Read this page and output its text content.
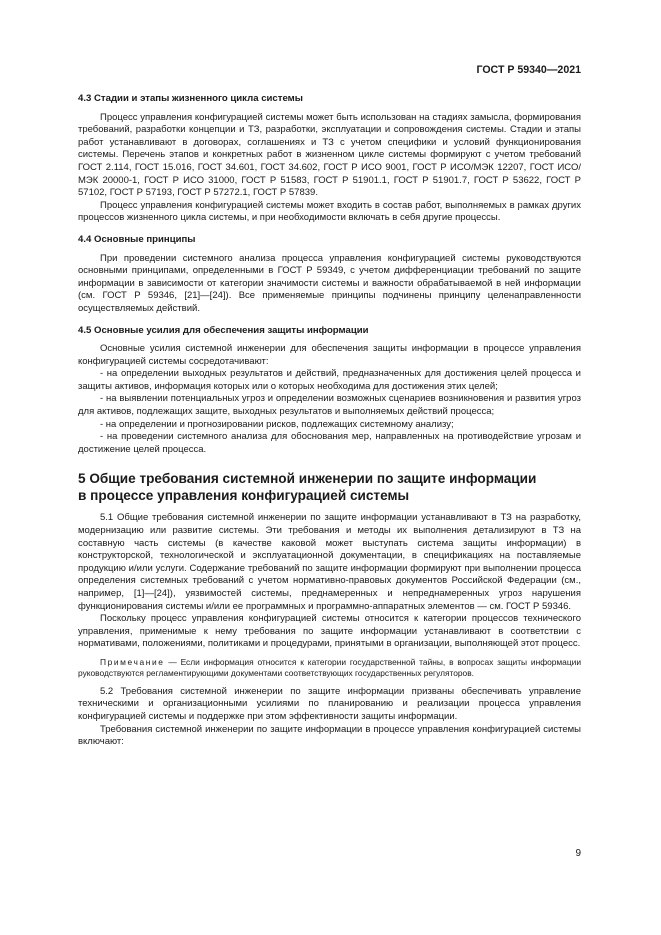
ГОСТ Р 59340—2021
4.3 Стадии и этапы жизненного цикла системы

Процесс управления конфигурацией системы может быть использован на стадиях замысла, формирования требований, разработки концепции и ТЗ, разработки, эксплуатации и сопровождения системы. Стадии и этапы работ устанавливают в договорах, соглашениях и ТЗ с учетом специфики и условий функционирования системы. Перечень этапов и конкретных работ в жизненном цикле системы формируют с учетом требований ГОСТ 2.114, ГОСТ 15.016, ГОСТ 34.601, ГОСТ 34.602, ГОСТ Р ИСО 9001, ГОСТ Р ИСО/МЭК 12207, ГОСТ ИСО/МЭК 20000-1, ГОСТ Р ИСО 31000, ГОСТ Р 51583, ГОСТ Р 51901.1, ГОСТ Р 51901.7, ГОСТ Р 53622, ГОСТ Р 57102, ГОСТ Р 57193, ГОСТ Р 57272.1, ГОСТ Р 57839.

Процесс управления конфигурацией системы может входить в состав работ, выполняемых в рамках других процессов жизненного цикла системы, и при необходимости включать в себя другие процессы.

4.4 Основные принципы

При проведении системного анализа процесса управления конфигурацией системы руководствуются основными принципами, определенными в ГОСТ Р 59349, с учетом дифференциации требований по защите информации в зависимости от категории значимости системы и важности обрабатываемой в ней информации (см. ГОСТ Р 59346, [21]—[24]). Все применяемые принципы подчинены принципу целенаправленности осуществляемых действий.

4.5 Основные усилия для обеспечения защиты информации

Основные усилия системной инженерии для обеспечения защиты информации в процессе управления конфигурацией системы сосредотачивают:

- на определении выходных результатов и действий, предназначенных для достижения целей процесса и защиты активов, информация которых или о которых необходима для достижения этих целей;

- на выявлении потенциальных угроз и определении возможных сценариев возникновения и развития угроз для активов, подлежащих защите, выходных результатов и выполняемых действий процесса;

- на определении и прогнозировании рисков, подлежащих системному анализу;

- на проведении системного анализа для обоснования мер, направленных на противодействие угрозам и достижение целей процесса.

5 Общие требования системной инженерии по защите информации
в процессе управления конфигурацией системы

5.1 Общие требования системной инженерии по защите информации устанавливают в ТЗ на разработку, модернизацию или развитие системы. Эти требования и методы их выполнения детализируют в ТЗ на составную часть системы (в качестве каковой может выступать система защиты информации) в конструкторской, технологической и эксплуатационной документации, в спецификациях на поставляемые продукцию и/или услуги. Содержание требований по защите информации формируют при выполнении процесса определения системных требований с учетом нормативно-правовых документов Российской Федерации (см., например, [1]—[24]), уязвимостей системы, преднамеренных и непреднамеренных угроз нарушения функционирования системы и/или ее программных и программно-аппаратных элементов — см. ГОСТ Р 59346.

Поскольку процесс управления конфигурацией системы относится к категории процессов технического управления, применимые к нему требования по защите информации устанавливают в соответствии с нормативами, положениями, политиками и процедурами, принятыми в организации, выполняющей этот процесс.

Примечание — Если информация относится к категории государственной тайны, в вопросах защиты информации руководствуются регламентирующими документами соответствующих государственных регуляторов.

5.2 Требования системной инженерии по защите информации призваны обеспечивать управление техническими и организационными усилиями по планированию и реализации процесса управления конфигурацией системы и поддержке при этом эффективности защиты информации.

Требования системной инженерии по защите информации в процессе управления конфигурацией системы включают:

9
